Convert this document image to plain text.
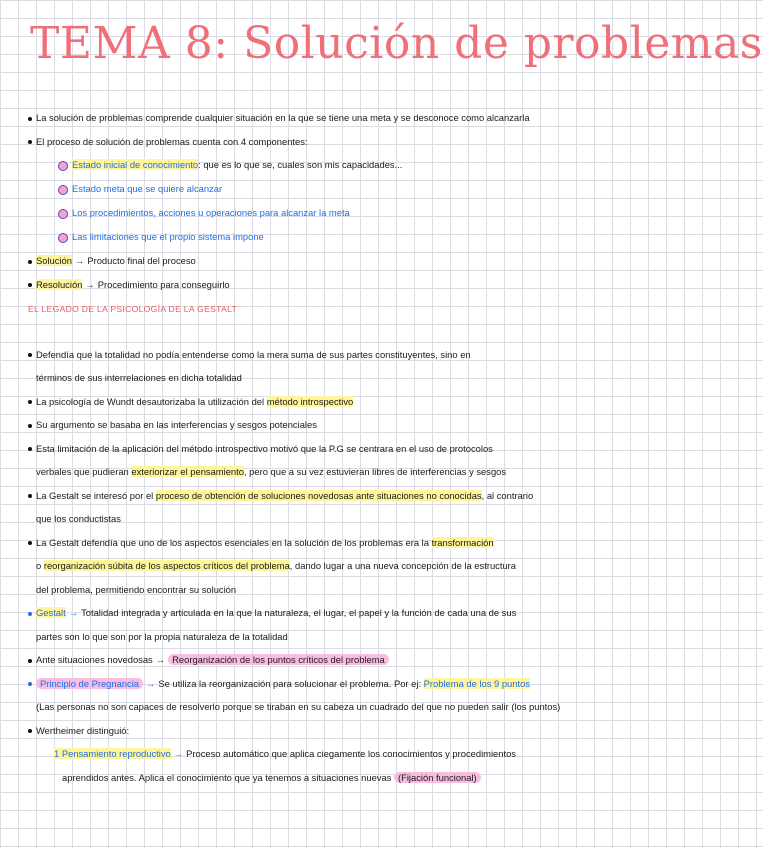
TEMA 8: Solución de problemas
La solución de problemas comprende cualquier situación en la que se tiene una meta y se desconoce como alcanzarla
El proceso de solución de problemas cuenta con 4 componentes:
Estado inicial de conocimiento: que es lo que se, cuales son mis capacidades...
Estado meta que se quiere alcanzar
Los procedimientos, acciones u operaciones para alcanzar la meta
Las limitaciones que el propio sistema impone
Solución → Producto final del proceso
Resolución → Procedimiento para conseguirlo
EL LEGADO DE LA PSICOLOGÍA DE LA GESTALT
Defendía que la totalidad no podía entenderse como la mera suma de sus partes constituyentes, sino en
términos de sus interrelaciones en dicha totalidad
La psicología de Wundt desautorizaba la utilización del método introspectivo
Su argumento se basaba en las interferencias y sesgos potenciales
Esta limitación de la aplicación del método introspectivo motivó que la P.G se centrara en el uso de protocolos
verbales que pudieran exteriorizar el pensamiento, pero que a su vez estuvieran libres de interferencias y sesgos
La Gestalt se interesó por el proceso de obtención de soluciones novedosas ante situaciones no conocidas, al contrario
que los conductistas
La Gestalt defendía que uno de los aspectos esenciales en la solución de los problemas era la transformación
o reorganización súbita de los aspectos críticos del problema, dando lugar a una nueva concepción de la estructura
del problema, permitiendo encontrar su solución
Gestalt → Totalidad integrada y articulada en la que la naturaleza, el lugar, el papel y la función de cada una de sus
partes son lo que son por la propia naturaleza de la totalidad
Ante situaciones novedosas → Reorganización de los puntos críticos del problema
Principio de Pregnancia → Se utiliza la reorganización para solucionar el problema. Por ej: Problema de los 9 puntos
(Las personas no son capaces de resolverlo porque se tiraban en su cabeza un cuadrado del que no pueden salir (los puntos)
Wertheimer distinguió:
1 Pensamiento reproductivo → Proceso automático que aplica ciegamente los conocimientos y procedimientos
aprendidos antes. Aplica el conocimiento que ya tenemos a situaciones nuevas (Fijación funcional)
